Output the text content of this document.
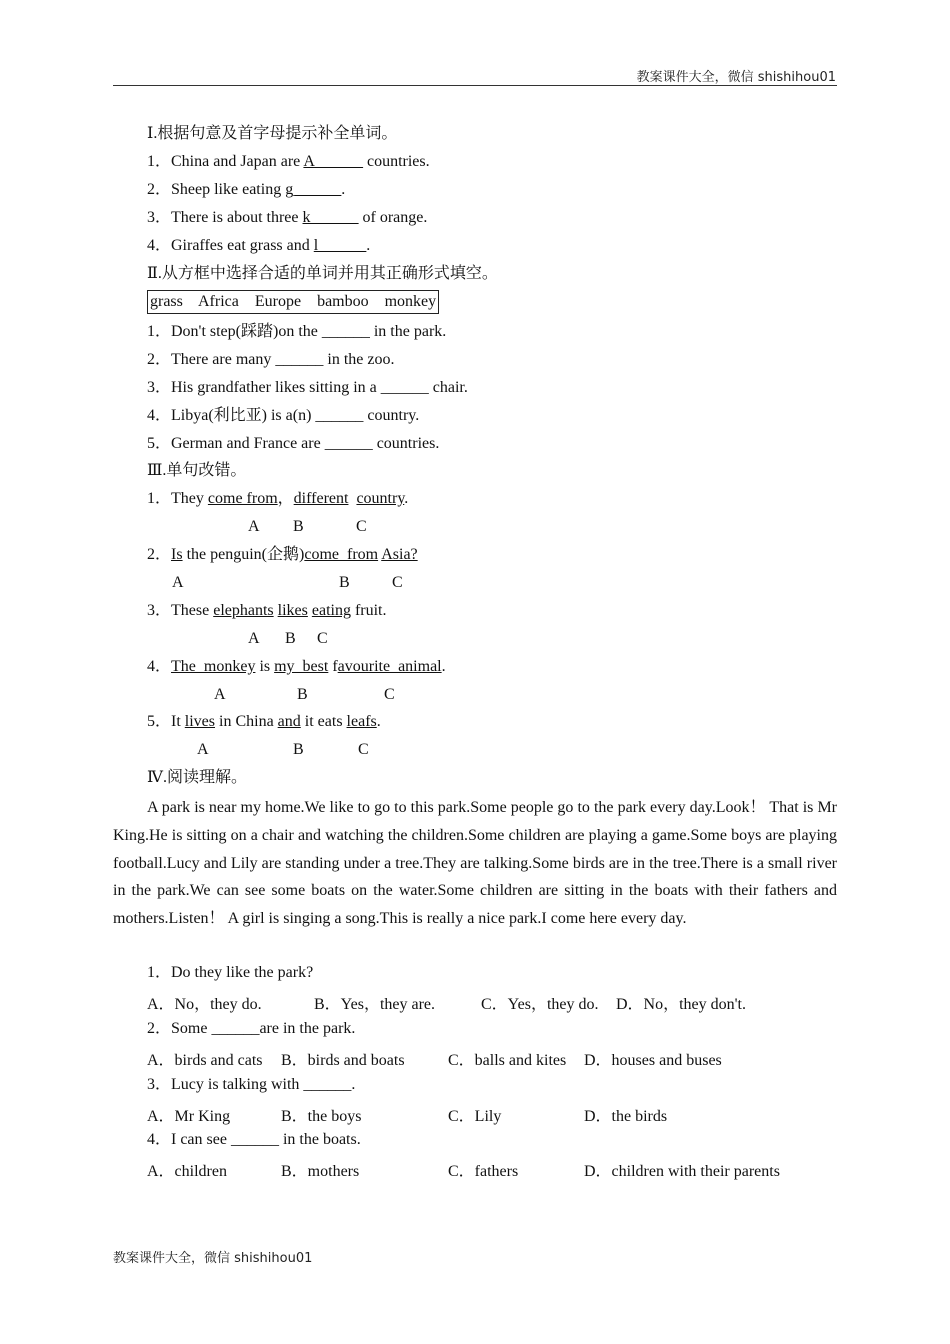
教案课件大全，微信 shishihou01
Ⅰ.根据句意及首字母提示补全单词。
1．China and Japan are A______ countries.
2．Sheep like eating g______.
3．There is about three k______ of orange.
4．Giraffes eat grass and l______.
Ⅱ.从方框中选择合适的单词并用其正确形式填空。
grass    Africa    Europe    bamboo    monkey
1．Don't step(踩踏)on the ______ in the park.
2．There are many ______ in the zoo.
3．His grandfather likes sitting in a ______ chair.
4．Libya(利比亚) is a(n) ______ country.
5．German and France are ______ countries.
Ⅲ.单句改错。
1．They come from，different country.
A B	C
2．Is the penguin(企鹅)come  from Asia?
A	B	C
3．These elephants likes eating fruit.
A B C
4．The  monkey is my  best favourite  animal.
A	B	C
5．It lives in China and it eats leafs.
A	B	C
Ⅳ.阅读理解。
A park is near my home.We like to go to this park.Some people go to the park every day.Look！ That is Mr King.He is sitting on a chair and watching the children.Some children are playing a game.Some boys are playing football.Lucy and Lily are standing under a tree.They are talking.Some birds are in the tree.There is a small river in the park.We can see some boats on the water.Some children are sitting in the boats with their fathers and mothers.Listen！ A girl is singing a song.This is really a nice park.I come here every day.
1．Do they like the park?
A．No，they do.	B．Yes，they are.	C．Yes，they do. D．No，they don't.
2．Some ______are in the park.
A．birds and cats B．birds and boats	C．balls and kites D．houses and buses
3．Lucy is talking with ______.
A．Mr King	B．the boys	C．Lily	D．the birds
4．I can see ______ in the boats.
A．children	B．mothers	C．fathers	D．children with their parents
教案课件大全，微信 shishihou01
